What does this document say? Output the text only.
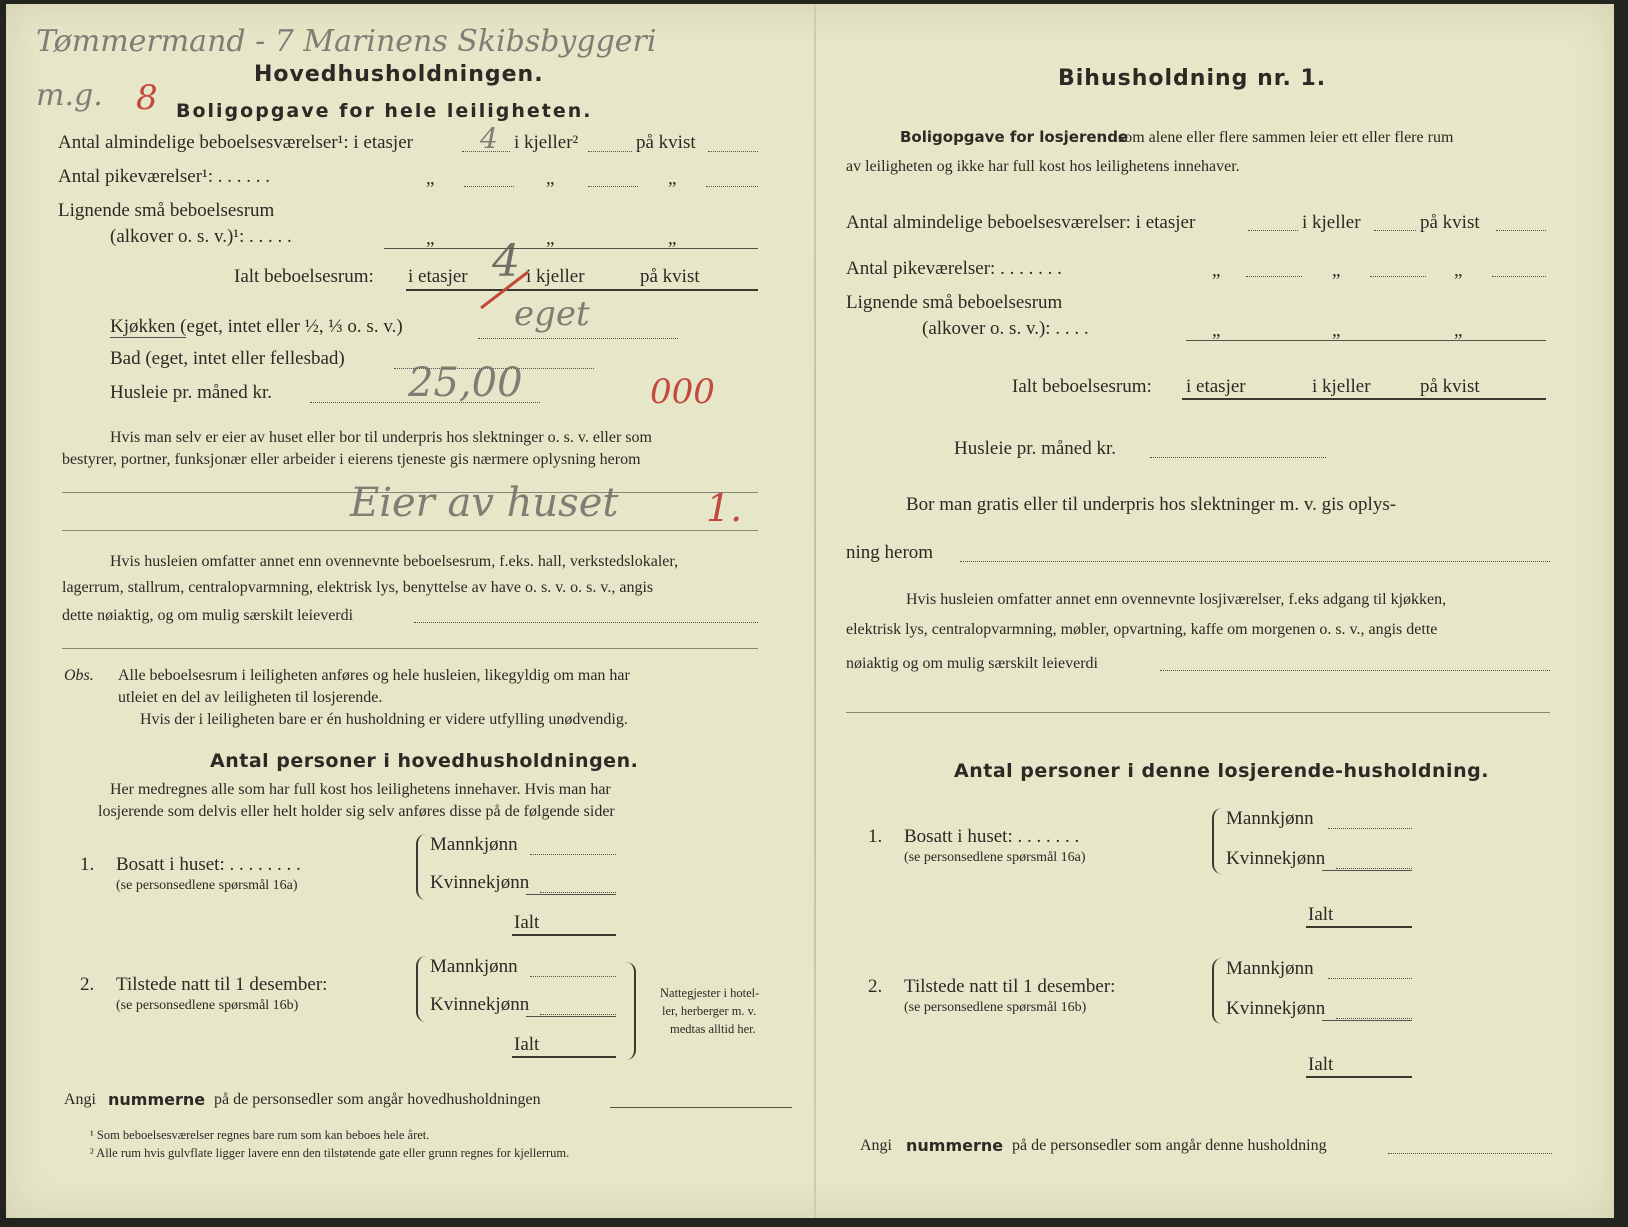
Tømmermand - 7 Marinens Skibsbyggeri
m.g. 8
Hovedhusholdningen.
Boligopgave for hele leiligheten.
Antal almindelige beboelsesværelser¹: i etasjer 4 i kjeller²	på kvist
Antal pikeværelser¹: . . . . . .	„	„	„
Lignende små beboelsesrum
(alkover o. s. v.)¹: . . . . .	„	„	„
Ialt beboelsesrum: i etasjer 4 i kjeller	på kvist
Kjøkken (eget, intet eller ½, ⅓ o. s. v.)	eget
Bad (eget, intet eller fellesbad)
Husleie pr. måned kr.	25,00	000
Hvis man selv er eier av huset eller bor til underpris hos slektninger o. s. v. eller som
bestyrer, portner, funksjonær eller arbeider i eierens tjeneste gis nærmere oplysning herom
Eier av huset 1.
Hvis husleien omfatter annet enn ovennevnte beboelsesrum, f.eks. hall, verkstedslokaler,
lagerrum, stallrum, centralopvarmning, elektrisk lys, benyttelse av have o. s. v. o. s. v., angis
dette nøiaktig, og om mulig særskilt leieverdi
Obs. Alle beboelsesrum i leiligheten anføres og hele husleien, likegyldig om man har
utleiet en del av leiligheten til losjerende.
Hvis der i leiligheten bare er én husholdning er videre utfylling unødvendig.
Antal personer i hovedhusholdningen.
Her medregnes alle som har full kost hos leilighetens innehaver. Hvis man har
losjerende som delvis eller helt holder sig selv anføres disse på de følgende sider
1. Bosatt i huset: . . . . . . . .
(se personsedlene spørsmål 16a)
Mannkjønn
Kvinnekjønn
Ialt
2. Tilstede natt til 1 desember:
(se personsedlene spørsmål 16b)
Mannkjønn
Kvinnekjønn
Ialt
Nattegjester i hotel-
ler, herberger m. v.
medtas alltid her.
Angi nummerne på de personsedler som angår hovedhusholdningen
¹ Som beboelsesværelser regnes bare rum som kan beboes hele året.
² Alle rum hvis gulvflate ligger lavere enn den tilstøtende gate eller grunn regnes for kjellerrum.
Bihusholdning nr. 1.
Boligopgave for losjerende
som alene eller flere sammen leier ett eller flere rum
av leiligheten og ikke har full kost hos leilighetens innehaver.
Antal almindelige beboelsesværelser: i etasjer	i kjeller	på kvist
Antal pikeværelser: . . . . . . .	„	„	„
Lignende små beboelsesrum
(alkover o. s. v.): . . . .	„	„	„
Ialt beboelsesrum: i etasjer	i kjeller	på kvist
Husleie pr. måned kr.
Bor man gratis eller til underpris hos slektninger m. v. gis oplys-
ning herom
Hvis husleien omfatter annet enn ovennevnte losjiværelser, f.eks adgang til kjøkken,
elektrisk lys, centralopvarmning, møbler, opvartning, kaffe om morgenen o. s. v., angis dette
nøiaktig og om mulig særskilt leieverdi
Antal personer i denne losjerende-husholdning.
1. Bosatt i huset: . . . . . . .
(se personsedlene spørsmål 16a)
Mannkjønn
Kvinnekjønn
Ialt
2. Tilstede natt til 1 desember:
(se personsedlene spørsmål 16b)
Mannkjønn
Kvinnekjønn
Ialt
Angi nummerne på de personsedler som angår denne husholdning
